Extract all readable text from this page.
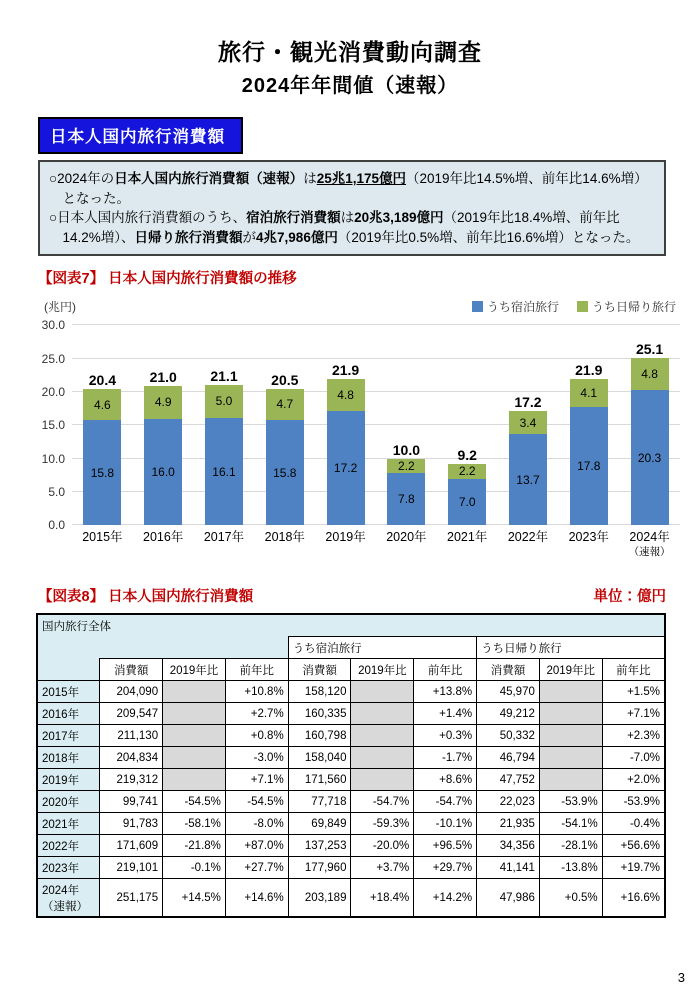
旅行・観光消費動向調査
2024年年間値（速報）
日本人国内旅行消費額

○2024年の日本人国内旅行消費額（速報）は25兆1,175億円（2019年比14.5%増、前年比14.6%増）となった。

○日本人国内旅行消費額のうち、宿泊旅行消費額は20兆3,189億円（2019年比18.4%増、前年比14.2%増）、日帰り旅行消費額が4兆7,986億円（2019年比0.5%増、前年比16.6%増）となった。

【図表7】 日本人国内旅行消費額の推移
(兆円)	うち宿泊旅行	うち日帰り旅行
0.0
5.0
10.0
15.0
20.0
25.0
30.0
20.4
4.6
15.8
21.0
4.9
16.0
21.1
5.0
16.1
20.5
4.7
15.8
21.9
4.8
17.2
10.0
2.2
7.8
9.2
2.2
7.0
17.2
3.4
13.7
21.9
4.1
17.8
25.1
4.8
20.3
2015年	2016年	2017年	2018年	2019年	2020年	2021年	2022年	2023年	2024年
（速報）
【図表8】 日本人国内旅行消費額	単位：億円
国内旅行全体									
				うち宿泊旅行			うち日帰り旅行		
	消費額	2019年比	前年比	消費額	2019年比	前年比	消費額	2019年比	前年比
2015年	204,090		+10.8%	158,120		+13.8%	45,970		+1.5%
2016年	209,547		+2.7%	160,335		+1.4%	49,212		+7.1%
2017年	211,130		+0.8%	160,798		+0.3%	50,332		+2.3%
2018年	204,834		-3.0%	158,040		-1.7%	46,794		-7.0%
2019年	219,312		+7.1%	171,560		+8.6%	47,752		+2.0%
2020年	99,741	-54.5%	-54.5%	77,718	-54.7%	-54.7%	22,023	-53.9%	-53.9%
2021年	91,783	-58.1%	-8.0%	69,849	-59.3%	-10.1%	21,935	-54.1%	-0.4%
2022年	171,609	-21.8%	+87.0%	137,253	-20.0%	+96.5%	34,356	-28.1%	+56.6%
2023年	219,101	-0.1%	+27.7%	177,960	+3.7%	+29.7%	41,141	-13.8%	+19.7%
2024年（速報）	251,175	+14.5%	+14.6%	203,189	+18.4%	+14.2%	47,986	+0.5%	+16.6%
3
